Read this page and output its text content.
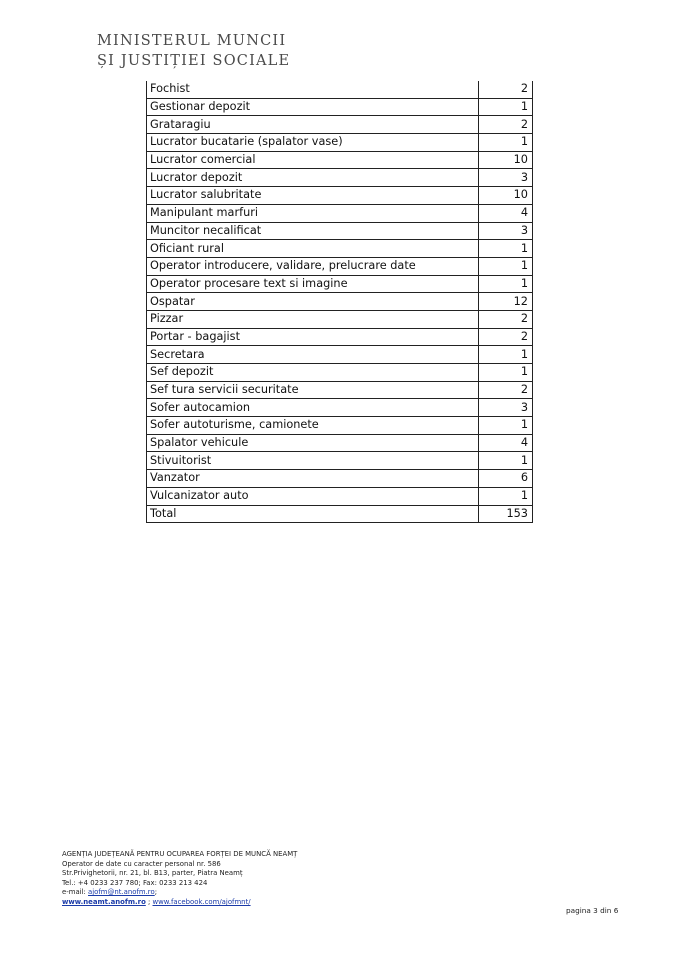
MINISTERUL MUNCII
ȘI JUSTIȚIEI SOCIALE
Fochist	2
Gestionar depozit	1
Grataragiu	2
Lucrator bucatarie (spalator vase)	1
Lucrator comercial	10
Lucrator depozit	3
Lucrator salubritate	10
Manipulant marfuri	4
Muncitor necalificat	3
Oficiant rural	1
Operator introducere, validare, prelucrare date	1
Operator procesare text si imagine	1
Ospatar	12
Pizzar	2
Portar - bagajist	2
Secretara	1
Sef depozit	1
Sef tura servicii securitate	2
Sofer autocamion	3
Sofer autoturisme, camionete	1
Spalator vehicule	4
Stivuitorist	1
Vanzator	6
Vulcanizator auto	1
Total	153
AGENȚIA JUDEȚEANĂ PENTRU OCUPAREA FORȚEI DE MUNCĂ NEAMȚ
Operator de date cu caracter personal nr. 586
Str.Privighetorii, nr. 21, bl. B13, parter, Piatra Neamț
Tel.: +4 0233 237 780; Fax: 0233 213 424
e-mail: ajofm@nt.anofm.ro;
www.neamt.anofm.ro ; www.facebook.com/ajofmnt/
pagina 3 din 6
